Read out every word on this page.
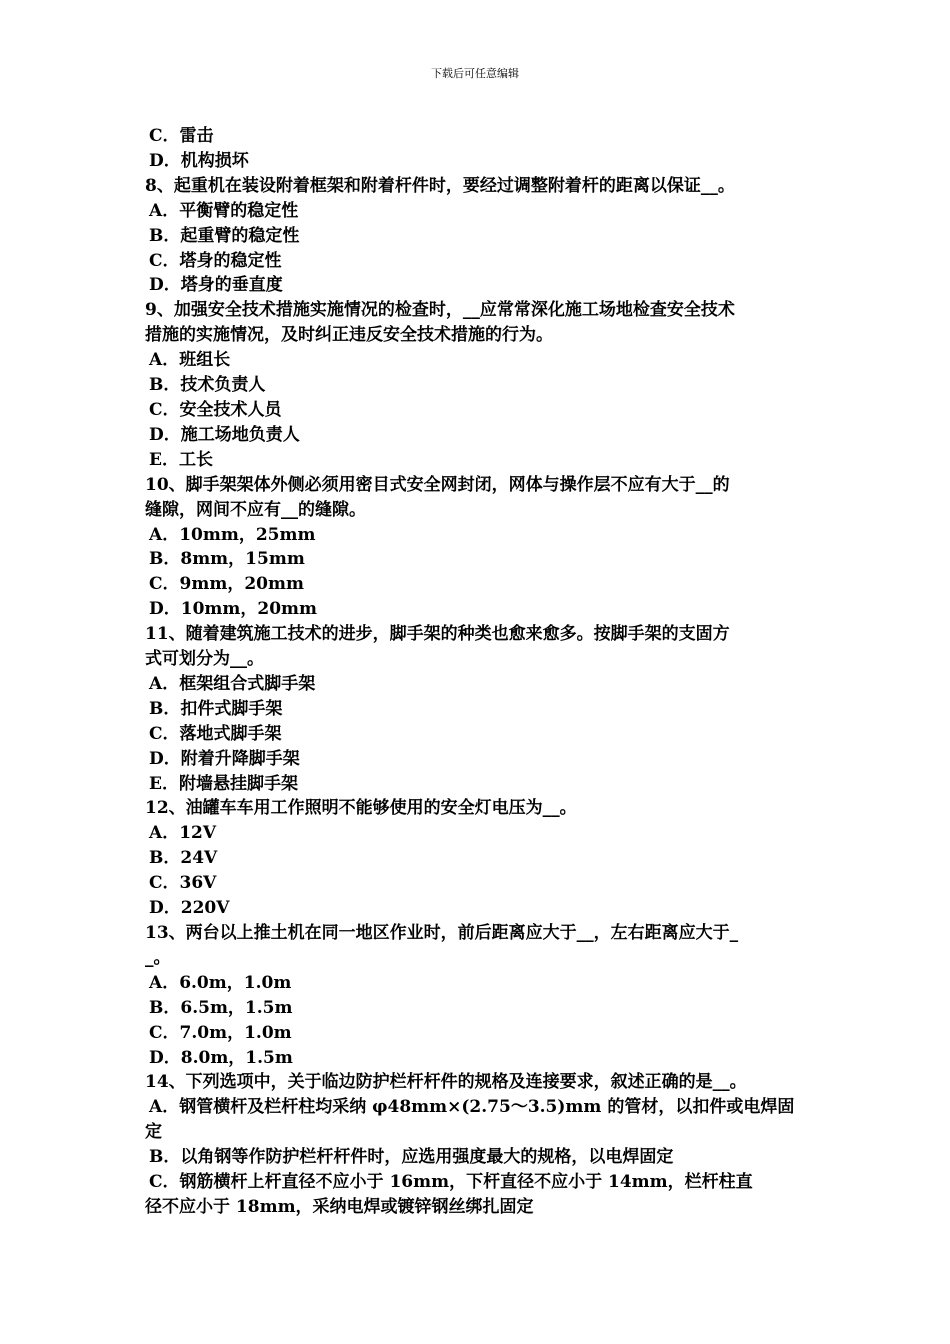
下载后可任意编辑
C．雷击
D．机构损坏
8、起重机在装设附着框架和附着杆件时，要经过调整附着杆的距离以保证__。
A．平衡臂的稳定性
B．起重臂的稳定性
C．塔身的稳定性
D．塔身的垂直度
9、加强安全技术措施实施情况的检查时，__应常常深化施工场地检查安全技术
措施的实施情况，及时纠正违反安全技术措施的行为。
A．班组长
B．技术负责人
C．安全技术人员
D．施工场地负责人
E．工长
10、脚手架架体外侧必须用密目式安全网封闭，网体与操作层不应有大于__的
缝隙，网间不应有__的缝隙。
A．10mm，25mm
B．8mm，15mm
C．9mm，20mm
D．10mm，20mm
11、随着建筑施工技术的进步，脚手架的种类也愈来愈多。按脚手架的支固方
式可划分为__。
A．框架组合式脚手架
B．扣件式脚手架
C．落地式脚手架
D．附着升降脚手架
E．附墙悬挂脚手架
12、油罐车车用工作照明不能够使用的安全灯电压为__。
A．12V
B．24V
C．36V
D．220V
13、两台以上推土机在同一地区作业时，前后距离应大于__，左右距离应大于_
_。
A．6.0m，1.0m
B．6.5m，1.5m
C．7.0m，1.0m
D．8.0m，1.5m
14、下列选项中，关于临边防护栏杆杆件的规格及连接要求，叙述正确的是__。
A．钢管横杆及栏杆柱均采纳 φ48mm×(2.75～3.5)mm 的管材，以扣件或电焊固
定
B．以角钢等作防护栏杆杆件时，应选用强度最大的规格，以电焊固定
C．钢筋横杆上杆直径不应小于 16mm，下杆直径不应小于 14mm，栏杆柱直
径不应小于 18mm，采纳电焊或镀锌钢丝绑扎固定
